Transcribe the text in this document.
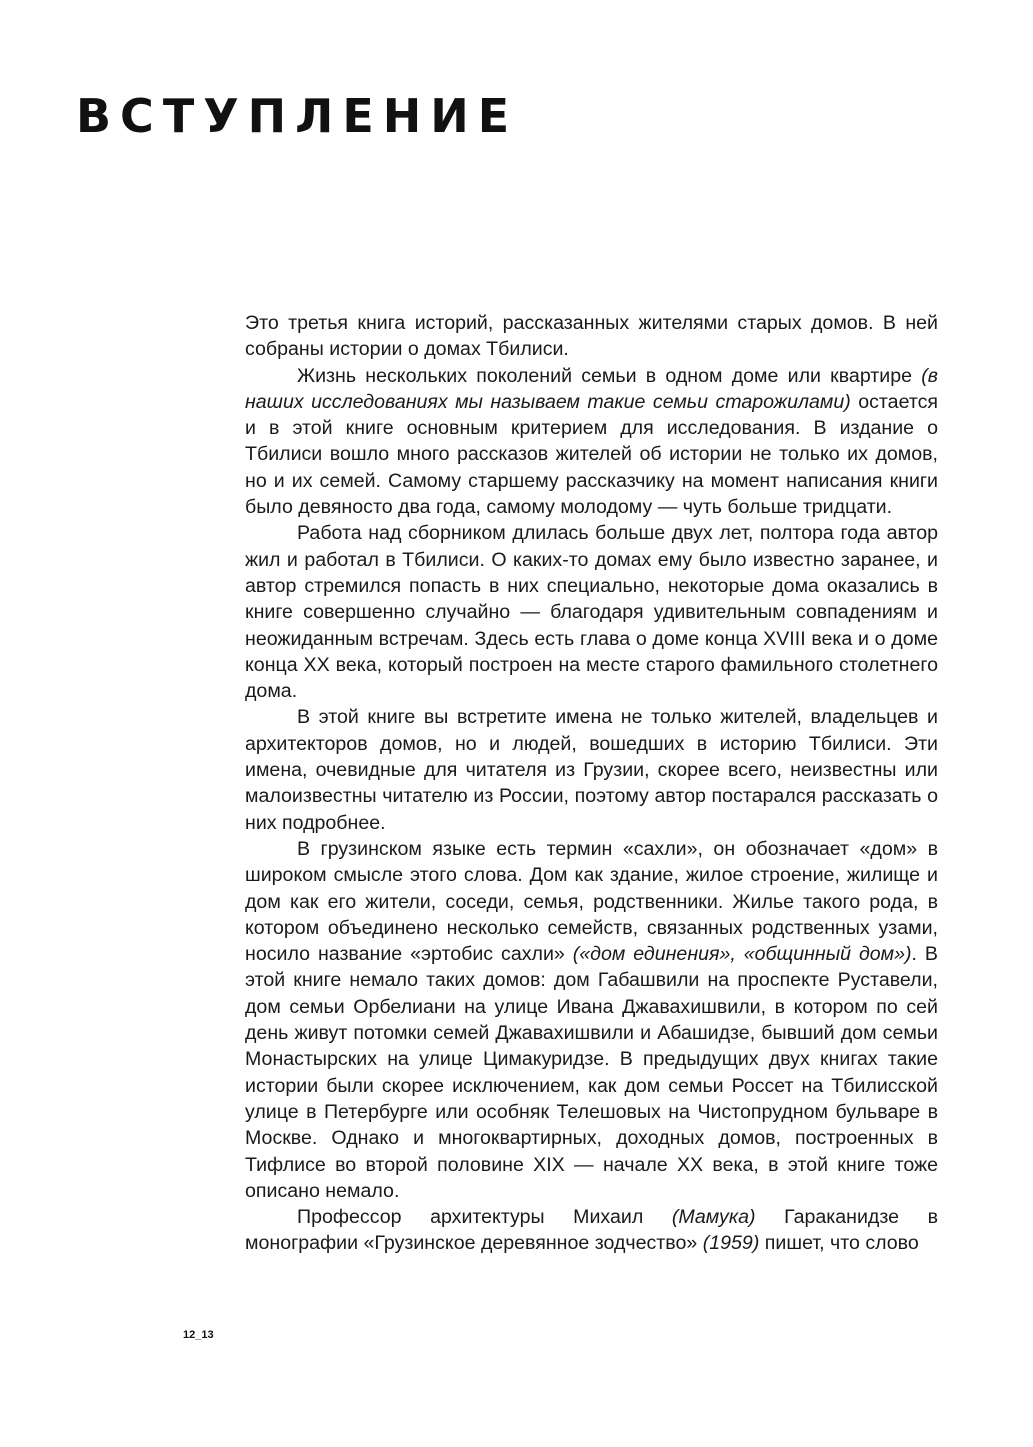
ВСТУПЛЕНИЕ

Это третья книга историй, рассказанных жителями старых домов. В ней собраны истории о домах Тбилиси.

Жизнь нескольких поколений семьи в одном доме или квартире (в наших исследованиях мы называем такие семьи старожилами) остается и в этой книге основным критерием для исследования. В издание о Тбилиси вошло много рассказов жителей об истории не только их домов, но и их семей. Самому старшему рассказчику на момент написания книги было девяносто два года, самому молодому — чуть больше тридцати.

Работа над сборником длилась больше двух лет, полтора года автор жил и работал в Тбилиси. О каких-то домах ему было известно заранее, и автор стремился попасть в них специально, некоторые дома оказались в книге совершенно случайно — благодаря удивительным совпадениям и неожиданным встречам. Здесь есть глава о доме конца XVIII века и о доме конца XX века, который построен на месте старого фамильного столетнего дома.

В этой книге вы встретите имена не только жителей, владельцев и архитекторов домов, но и людей, вошедших в историю Тбилиси. Эти имена, очевидные для читателя из Грузии, скорее всего, неизвестны или малоизвестны читателю из России, поэтому автор постарался рассказать о них подробнее.

В грузинском языке есть термин «сахли», он обозначает «дом» в широком смысле этого слова. Дом как здание, жилое строение, жилище и дом как его жители, соседи, семья, родственники. Жилье такого рода, в котором объединено несколько семейств, связанных родственных узами, носило название «эртобис сахли» («дом единения», «общинный дом»). В этой книге немало таких домов: дом Габашвили на проспекте Руставели, дом семьи Орбелиани на улице Ивана Джавахишвили, в котором по сей день живут потомки семей Джавахишвили и Абашидзе, бывший дом семьи Монастырских на улице Цимакуридзе. В предыдущих двух книгах такие истории были скорее исключением, как дом семьи Россет на Тбилисской улице в Петербурге или особняк Телешовых на Чистопрудном бульваре в Москве. Однако и многоквартирных, доходных домов, построенных в Тифлисе во второй половине XIX — начале XX века, в этой книге тоже описано немало.

Профессор архитектуры Михаил (Мамука) Гараканидзе в монографии «Грузинское деревянное зодчество» (1959) пишет, что слово

12_13
